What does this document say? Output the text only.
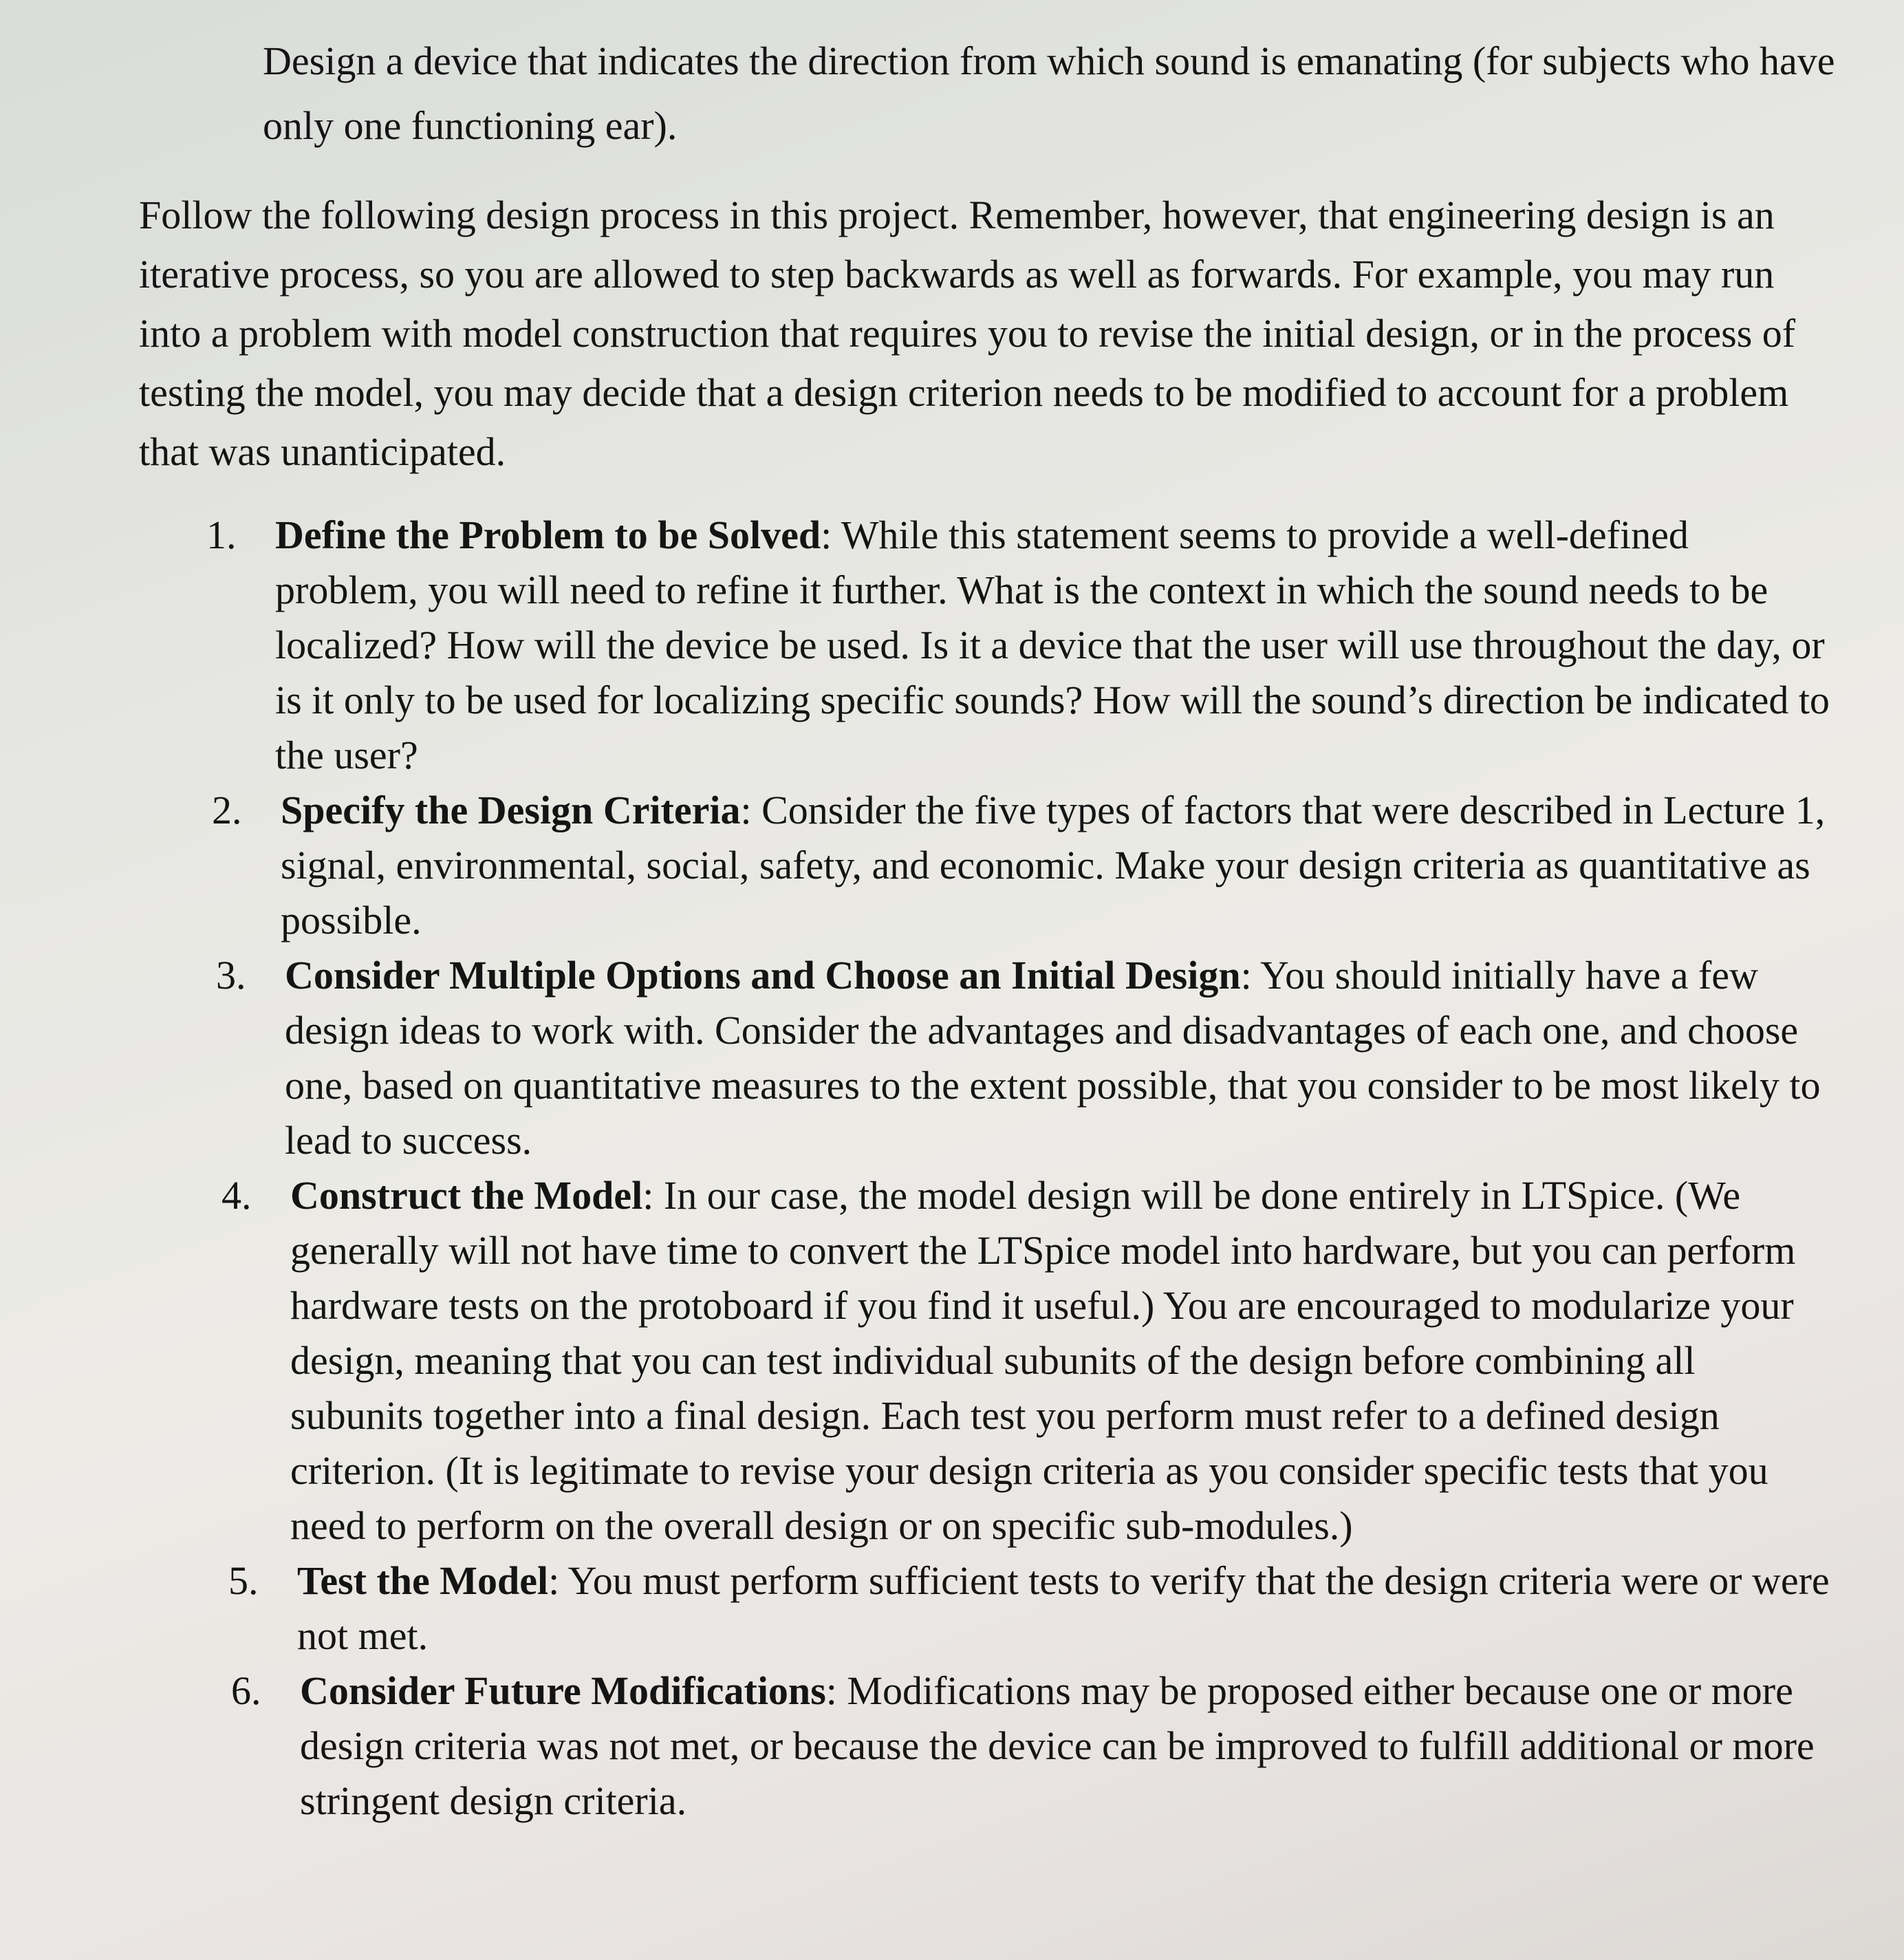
Design a device that indicates the direction from which sound is emanating (for subjects who have only one functioning ear).

Follow the following design process in this project. Remember, however, that engineering design is an iterative process, so you are allowed to step backwards as well as forwards. For example, you may run into a problem with model construction that requires you to revise the initial design, or in the process of testing the model, you may decide that a design criterion needs to be modified to account for a problem that was unanticipated.

1. Define the Problem to be Solved: While this statement seems to provide a well-defined problem, you will need to refine it further. What is the context in which the sound needs to be localized? How will the device be used. Is it a device that the user will use throughout the day, or is it only to be used for localizing specific sounds? How will the sound’s direction be indicated to the user?
2. Specify the Design Criteria: Consider the five types of factors that were described in Lecture 1, signal, environmental, social, safety, and economic. Make your design criteria as quantitative as possible.
3. Consider Multiple Options and Choose an Initial Design: You should initially have a few design ideas to work with. Consider the advantages and disadvantages of each one, and choose one, based on quantitative measures to the extent possible, that you consider to be most likely to lead to success.
4. Construct the Model: In our case, the model design will be done entirely in LTSpice. (We generally will not have time to convert the LTSpice model into hardware, but you can perform hardware tests on the protoboard if you find it useful.) You are encouraged to modularize your design, meaning that you can test individual subunits of the design before combining all subunits together into a final design. Each test you perform must refer to a defined design criterion. (It is legitimate to revise your design criteria as you consider specific tests that you need to perform on the overall design or on specific sub-modules.)
5. Test the Model: You must perform sufficient tests to verify that the design criteria were or were not met.
6. Consider Future Modifications: Modifications may be proposed either because one or more design criteria was not met, or because the device can be improved to fulfill additional or more stringent design criteria.
